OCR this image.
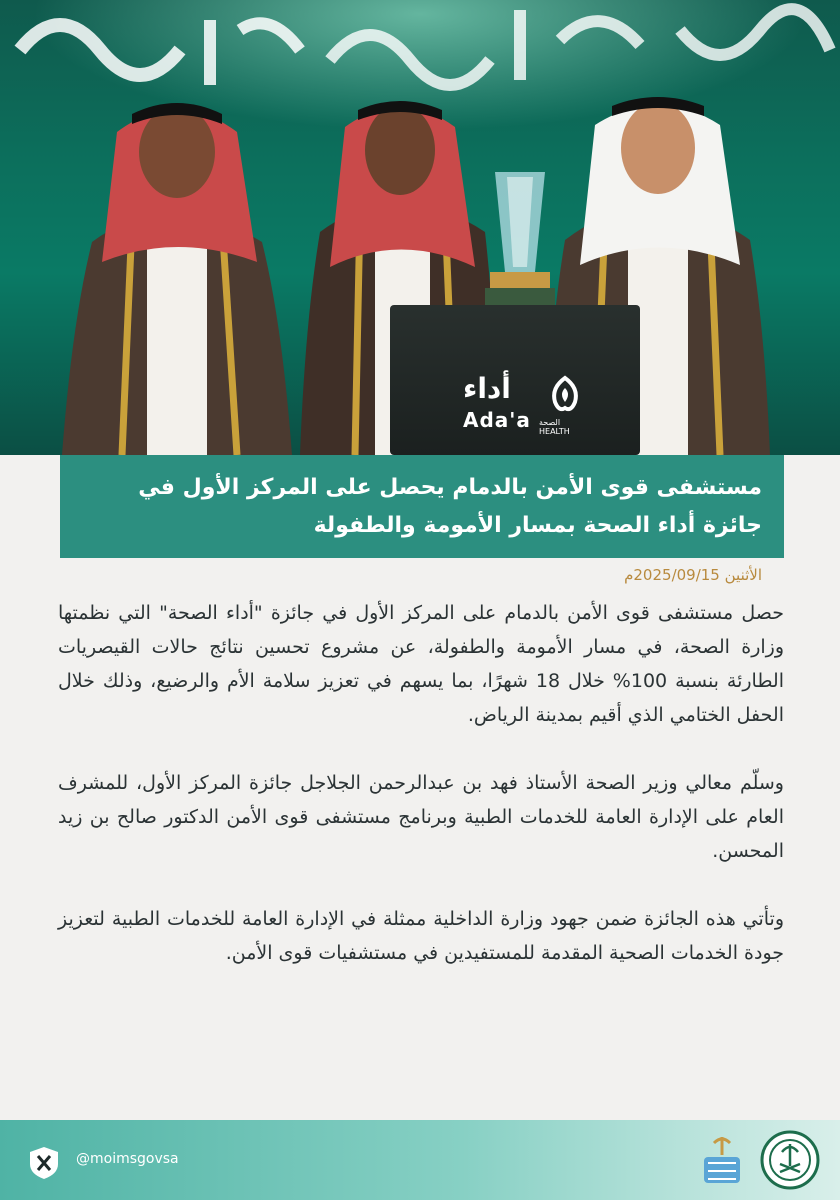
أداء
Ada'a الصحة HEALTH
مستشفى قوى الأمن بالدمام يحصل على المركز الأول في
جائزة أداء الصحة بمسار الأمومة والطفولة
الأثنين 2025/09/15م

حصل مستشفى قوى الأمن بالدمام على المركز الأول في جائزة "أداء الصحة" التي نظمتها وزارة الصحة، في مسار الأمومة والطفولة، عن مشروع تحسين نتائج حالات القيصريات الطارئة بنسبة 100% خلال 18 شهرًا، بما يسهم في تعزيز سلامة الأم والرضيع، وذلك خلال الحفل الختامي الذي أقيم بمدينة الرياض.

وسلّم معالي وزير الصحة الأستاذ فهد بن عبدالرحمن الجلاجل جائزة المركز الأول، للمشرف العام على الإدارة العامة للخدمات الطبية وبرنامج مستشفى قوى الأمن الدكتور صالح بن زيد المحسن.

وتأتي هذه الجائزة ضمن جهود وزارة الداخلية ممثلة في الإدارة العامة للخدمات الطبية لتعزيز جودة الخدمات الصحية المقدمة للمستفيدين في مستشفيات قوى الأمن.

@moimsgovsa
